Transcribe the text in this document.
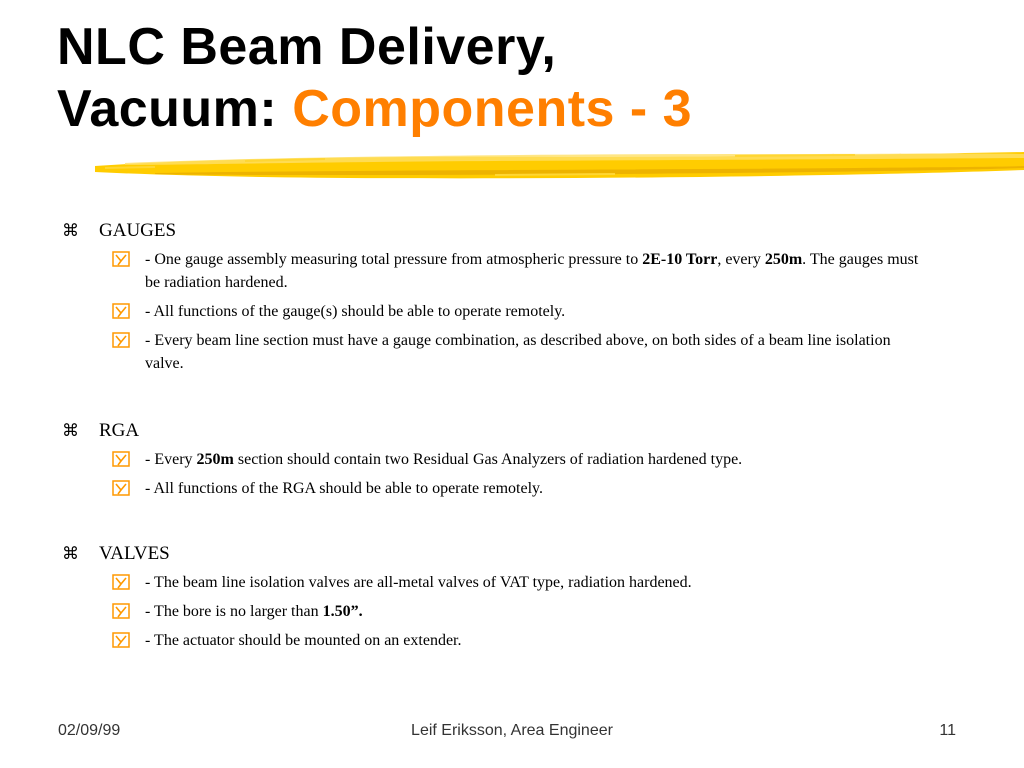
NLC Beam Delivery,
Vacuum: Components - 3
⌘	GAUGES
- One gauge assembly measuring total pressure from atmospheric pressure to 2E-10 Torr, every 250m. The gauges must be radiation hardened.
- All functions of the gauge(s) should be able to operate remotely.
- Every beam line section must have a gauge combination, as described above, on both sides of a beam line isolation valve.
⌘	RGA
- Every 250m section should contain two Residual Gas Analyzers of radiation hardened type.
- All functions of the RGA should be able to operate remotely.
⌘	VALVES
- The beam line isolation valves are all-metal valves of VAT type, radiation hardened.
- The bore is no larger than 1.50”.
- The actuator should be mounted on an extender.
02/09/99	Leif Eriksson, Area Engineer	11
